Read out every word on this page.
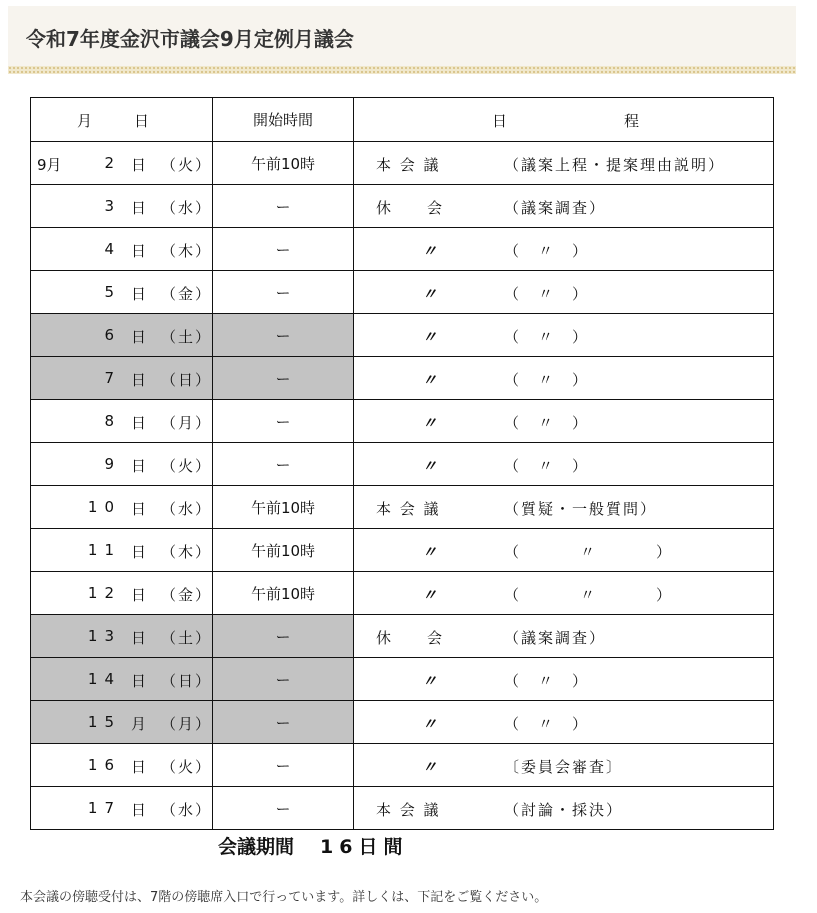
令和7年度金沢市議会9月定例月議会
月 日	開始時間	日 程

9月 2 日 （火）	午前10時	本 会 議 （議案上程・提案理由説明）

3 日 （水）	ー	休　　会 （議案調査）

4 日 （木）	ー	〃 （　〃　）

5 日 （金）	ー	〃 （　〃　）

6 日 （土）	ー	〃 （　〃　）

7 日 （日）	ー	〃 （　〃　）

8 日 （月）	ー	〃 （　〃　）

9 日 （火）	ー	〃 （　〃　）

10 日 （水）	午前10時	本 会 議 （質疑・一般質問）

11 日 （木）	午前10時	〃 （　　　〃　　　）

12 日 （金）	午前10時	〃 （　　　〃　　　）

13 日 （土）	ー	休　　会 （議案調査）

14 日 （日）	ー	〃 （　〃　）

15 月 （月）	ー	〃 （　〃　）

16 日 （火）	ー	〃 〔委員会審査〕

17 日 （水）	ー	本 会 議 （討論・採決）
会議期間 16日間
本会議の傍聴受付は、7階の傍聴席入口で行っています。詳しくは、下記をご覧ください。
